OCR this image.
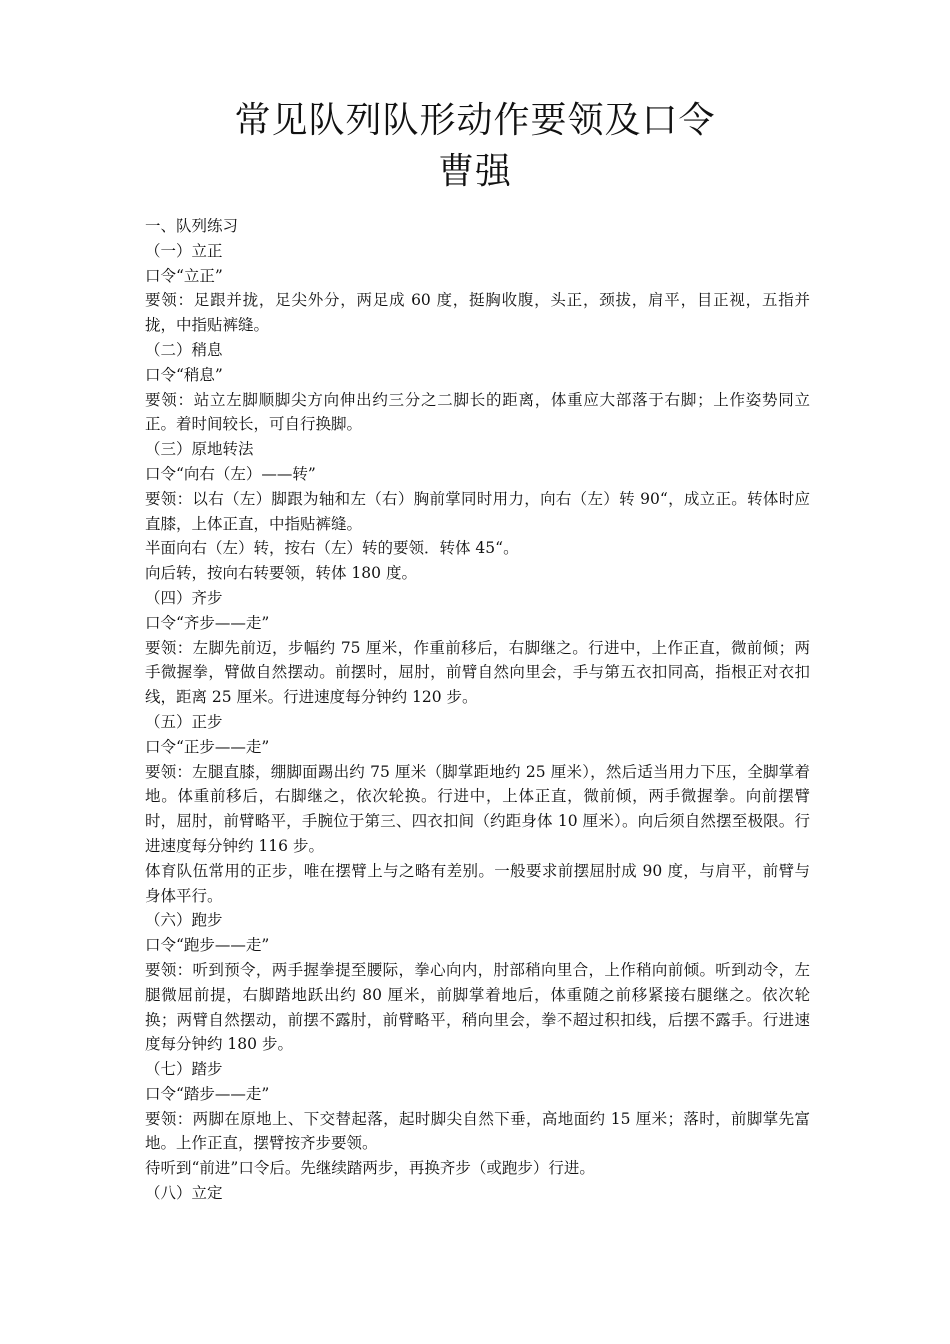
常见队列队形动作要领及口令
曹强

一、队列练习

（一）立正

口令“立正”

要领：足跟并拢，足尖外分，两足成 60 度，挺胸收腹，头正，颈拔，肩平，目正视，五指并拢，中指贴裤缝。

（二）稍息

口令“稍息”

要领：站立左脚顺脚尖方向伸出约三分之二脚长的距离，体重应大部落于右脚；上作姿势同立正。着时间较长，可自行换脚。

（三）原地转法

口令“向右（左）——转”

要领：以右（左）脚跟为轴和左（右）胸前掌同时用力，向右（左）转 90“，成立正。转体时应直膝，上体正直，中指贴裤缝。

半面向右（左）转，按右（左）转的要领．转体 45“。

向后转，按向右转要领，转体 180 度。

（四）齐步

口令“齐步——走”

要领：左脚先前迈，步幅约 75 厘米，作重前移后，右脚继之。行进中，上作正直，微前倾；两手微握拳，臂做自然摆动。前摆时，屈肘，前臂自然向里会，手与第五衣扣同高，指根正对衣扣线，距离 25 厘米。行进速度每分钟约 120 步。

（五）正步

口令“正步——走”

要领：左腿直膝，绷脚面踢出约 75 厘米（脚掌距地约 25 厘米），然后适当用力下压，全脚掌着地。体重前移后，右脚继之，依次轮换。行进中，上体正直，微前倾，两手微握拳。向前摆臂时，屈肘，前臂略平，手腕位于第三、四衣扣间（约距身体 10 厘米）。向后须自然摆至极限。行进速度每分钟约 116 步。

体育队伍常用的正步，唯在摆臂上与之略有差别。一般要求前摆屈肘成 90 度，与肩平，前臂与身体平行。

（六）跑步

口令“跑步——走”

要领：听到预令，两手握拳提至腰际，拳心向内，肘部稍向里合，上作稍向前倾。听到动令，左腿微屈前提，右脚踏地跃出约 80 厘米，前脚掌着地后，体重随之前移紧接右腿继之。依次轮换；两臂自然摆动，前摆不露肘，前臂略平，稍向里会，拳不超过积扣线，后摆不露手。行进速度每分钟约 180 步。

（七）踏步

口令“踏步——走”

要领：两脚在原地上、下交替起落，起时脚尖自然下垂，高地面约 15 厘米；落时，前脚掌先富地。上作正直，摆臂按齐步要领。

待听到“前进”口令后。先继续踏两步，再换齐步（或跑步）行进。

（八）立定
